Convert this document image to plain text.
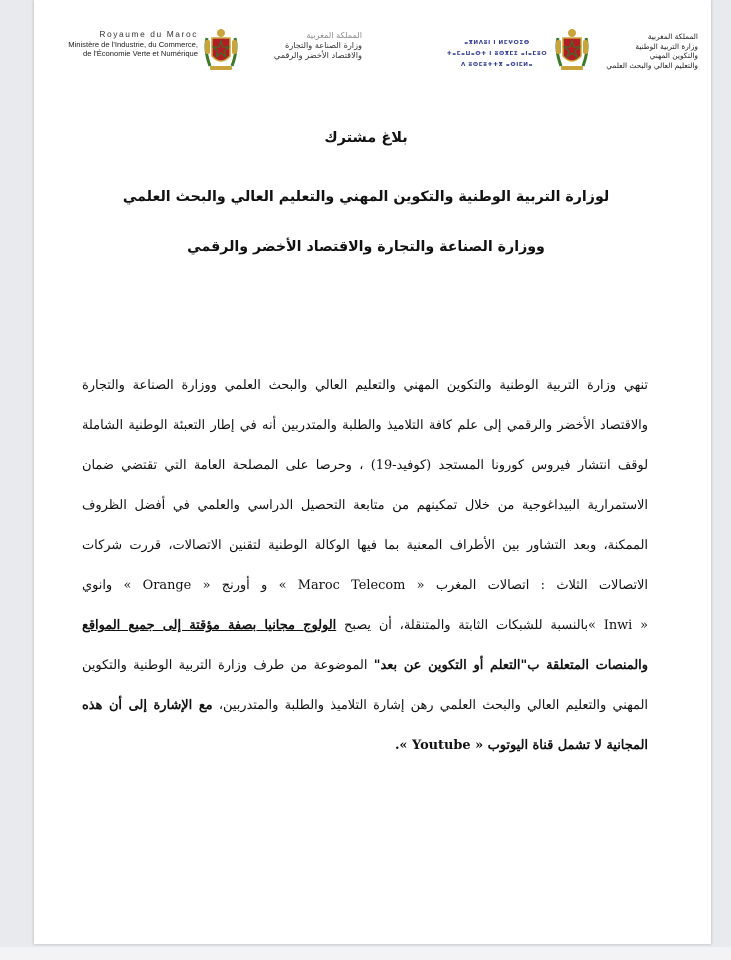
Royaume du Maroc
Ministère de l'Industrie, du Commerce,
de l'Économie Verte et Numérique
المملكة المغربية
وزارة الصناعة والتجارة
والاقتصاد الأخضر والرقمي
ⴰⴳⵍⴷⵓⵏ ⵏ ⵍⵎⵖⵔⵉⴱ
ⵜⴰⵎⴰⵡⴰⵙⵜ ⵏ ⵓⵙⴳⵎⵉ ⴰⵏⴰⵎⵓⵔ
ⴷ ⵓⵙⵎⵓⵜⵜⴳ ⴰⵙⵏⵎⵍⴰ
المملكة المغربية
وزارة التربية الوطنية
والتكوين المهني
والتعليم العالي والبحث العلمي
بلاغ مشترك
لوزارة التربية الوطنية والتكوين المهني والتعليم العالي والبحث العلمي
ووزارة الصناعة والتجارة والاقتصاد الأخضر والرقمي
تنهي وزارة التربية الوطنية والتكوين المهني والتعليم العالي والبحث العلمي ووزارة الصناعة والتجارة
والاقتصاد الأخضر والرقمي إلى علم كافة التلاميذ والطلبة والمتدربين أنه في إطار التعبئة الوطنية الشاملة
لوقف انتشار فيروس كورونا المستجد (كوفيد-19) ، وحرصا على المصلحة العامة التي تقتضي ضمان
الاستمرارية البيداغوجية من خلال تمكينهم من متابعة التحصيل الدراسي والعلمي في أفضل الظروف
الممكنة، وبعد التشاور بين الأطراف المعنية بما فيها الوكالة الوطنية لتقنين الاتصالات، قررت شركات
الاتصالات الثلاث : اتصالات المغرب « Maroc Telecom » و أورنج « Orange » وانوي
« Inwi »بالنسبة للشبكات الثابتة والمتنقلة، أن يصبح الولوج مجانيا بصفة مؤقتة إلى جميع المواقع
والمنصات المتعلقة ب"التعلم أو التكوين عن بعد" الموضوعة من طرف وزارة التربية الوطنية والتكوين
المهني والتعليم العالي والبحث العلمي رهن إشارة التلاميذ والطلبة والمتدربين، مع الإشارة إلى أن هذه
المجانية لا تشمل قناة اليوتوب « Youtube ».
